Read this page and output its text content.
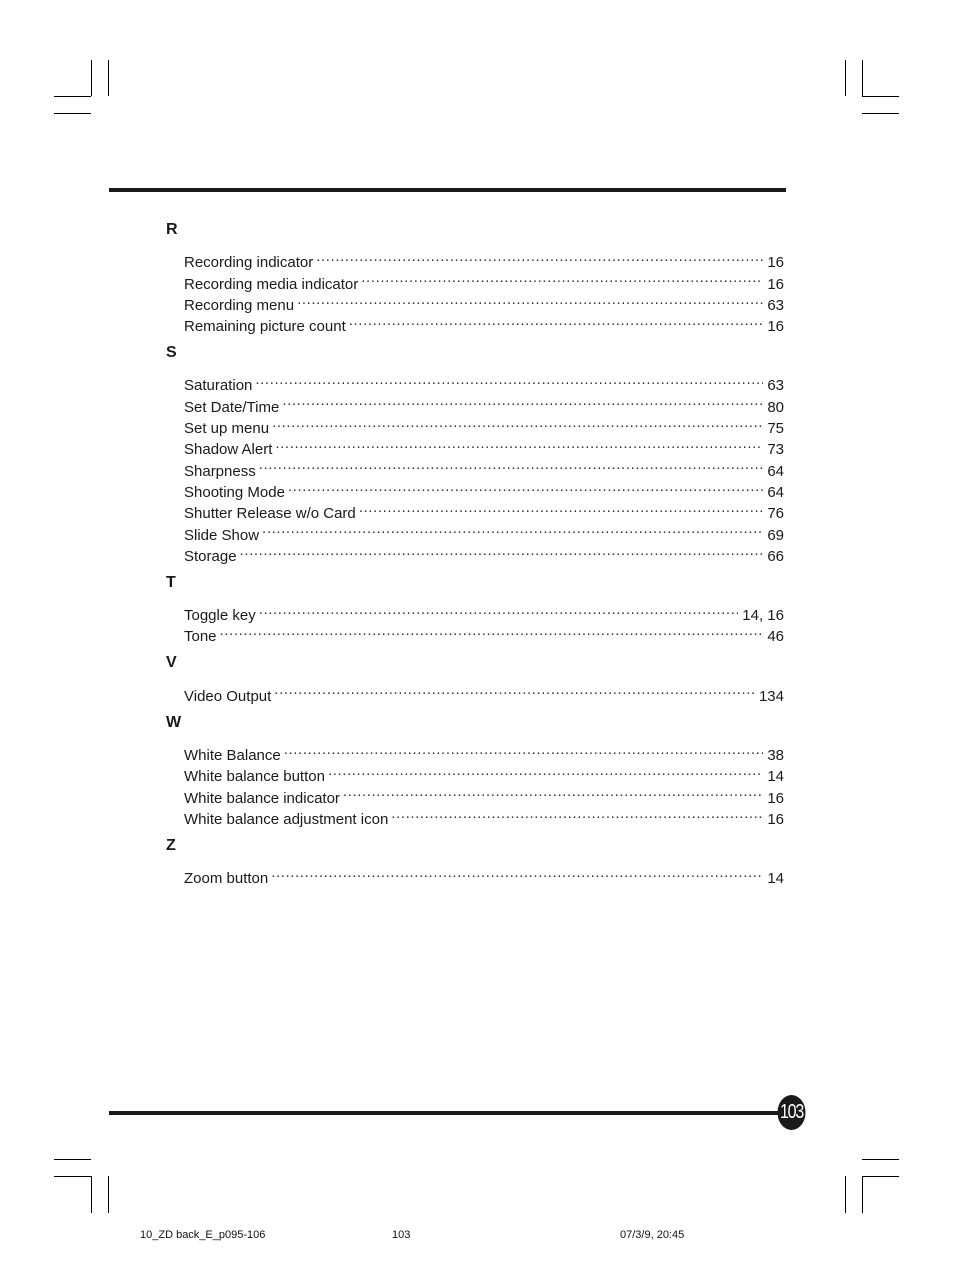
R
Recording indicator .....	16
Recording media indicator .....	16
Recording menu .....	63
Remaining picture count .....	16
S
Saturation .....	63
Set Date/Time .....	80
Set up menu .....	75
Shadow Alert .....	73
Sharpness .....	64
Shooting Mode .....	64
Shutter Release w/o Card .....	76
Slide Show .....	69
Storage .....	66
T
Toggle key .....	14, 16
Tone .....	46
V
Video Output .....	134
W
White Balance .....	38
White balance button .....	14
White balance indicator .....	16
White balance adjustment icon .....	16
Z
Zoom button .....	14
103
10_ZD back_E_p095-106	103	07/3/9, 20:45
